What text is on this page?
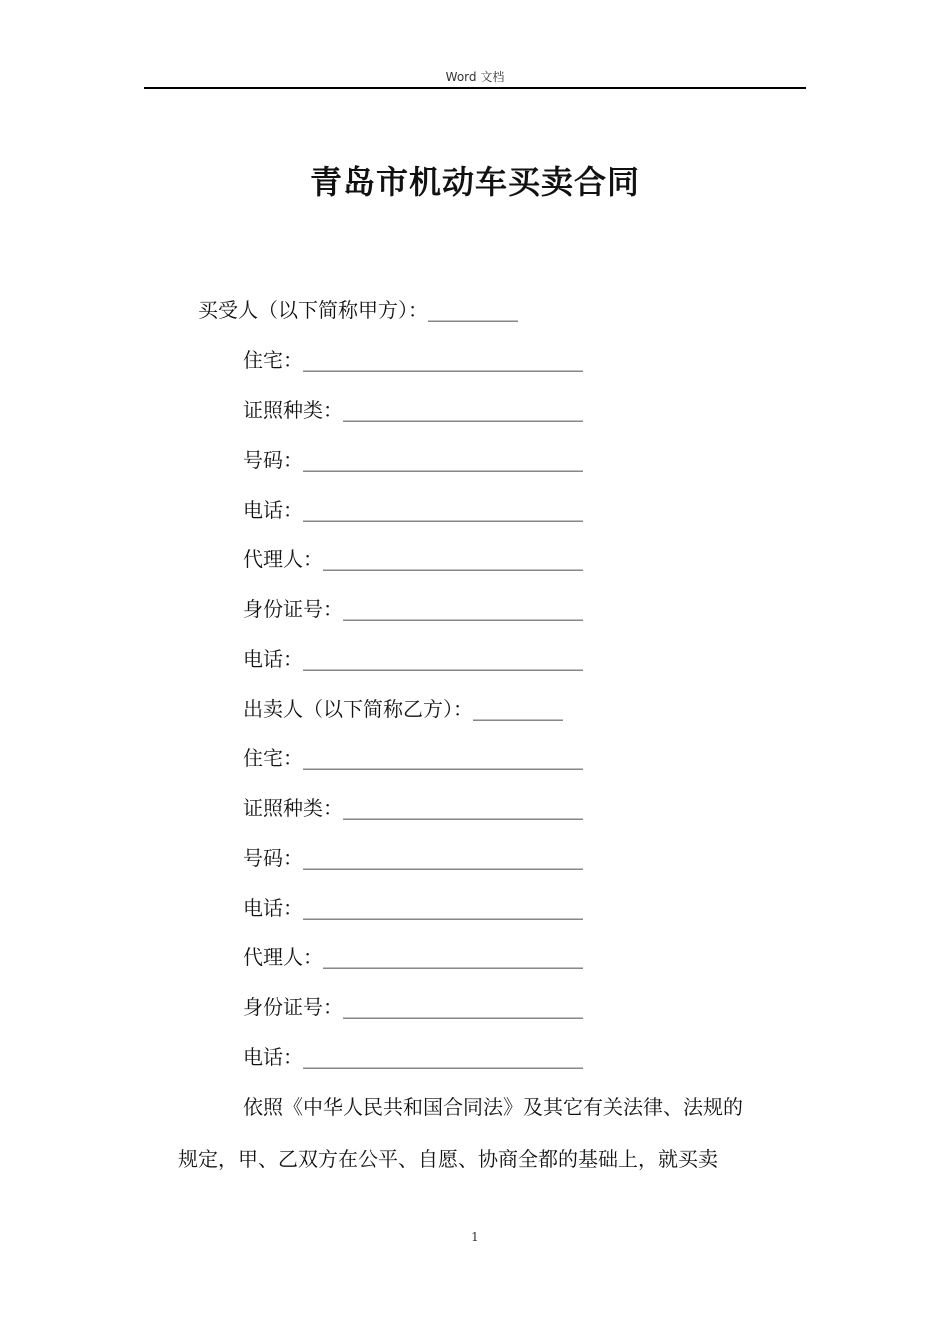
Word 文档
青岛市机动车买卖合同
买受人（以下简称甲方）：_________
住宅：____________________________
证照种类：________________________
号码：____________________________
电话：____________________________
代理人：__________________________
身份证号：________________________
电话：____________________________
出卖人（以下简称乙方）：_________
住宅：____________________________
证照种类：________________________
号码：____________________________
电话：____________________________
代理人：__________________________
身份证号：________________________
电话：____________________________
依照《中华人民共和国合同法》及其它有关法律、法规的
规定，甲、乙双方在公平、自愿、协商全都的基础上，就买卖
1
